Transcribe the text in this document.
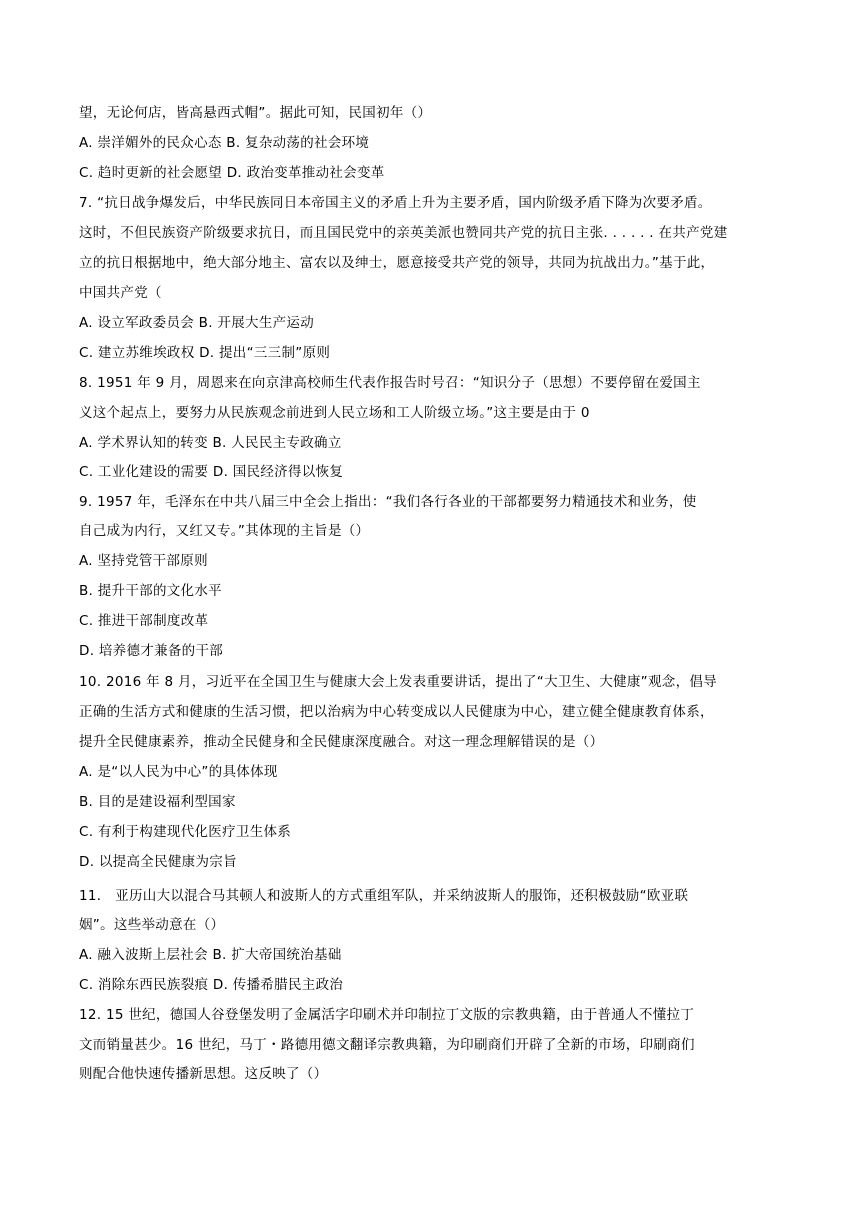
望，无论何店，皆高悬西式帽”。据此可知，民国初年（）
A. 崇洋媚外的民众心态 B. 复杂动荡的社会环境
C. 趋时更新的社会愿望 D. 政治变革推动社会变革
7. “抗日战争爆发后，中华民族同日本帝国主义的矛盾上升为主要矛盾，国内阶级矛盾下降为次要矛盾。
这时，不但民族资产阶级要求抗日，而且国民党中的亲英美派也赞同共产党的抗日主张. . . . . . 在共产党建
立的抗日根据地中，绝大部分地主、富农以及绅士，愿意接受共产党的领导，共同为抗战出力。”基于此，
中国共产党（
A. 设立军政委员会 B. 开展大生产运动
C. 建立苏维埃政权 D. 提出“三三制”原则
8. 1951 年 9 月，周恩来在向京津高校师生代表作报告时号召：“知识分子（思想）不要停留在爱国主
义这个起点上，要努力从民族观念前进到人民立场和工人阶级立场。”这主要是由于 0
A. 学术界认知的转变 B. 人民民主专政确立
C. 工业化建设的需要 D. 国民经济得以恢复
9. 1957 年，毛泽东在中共八届三中全会上指出：“我们各行各业的干部都要努力精通技术和业务，使
自己成为内行，又红又专。”其体现的主旨是（）
A. 坚持党管干部原则
B. 提升干部的文化水平
C. 推进干部制度改革
D. 培养德才兼备的干部
10. 2016 年 8 月，习近平在全国卫生与健康大会上发表重要讲话，提出了“大卫生、大健康”观念，倡导
正确的生活方式和健康的生活习惯，把以治病为中心转变成以人民健康为中心，建立健全健康教育体系，
提升全民健康素养，推动全民健身和全民健康深度融合。对这一理念理解错误的是（）
A. 是“以人民为中心”的具体体现
B. 目的是建设福利型国家
C. 有利于构建现代化医疗卫生体系
D. 以提高全民健康为宗旨
11． 亚历山大以混合马其顿人和波斯人的方式重组军队，并采纳波斯人的服饰，还积极鼓励“欧亚联
姻”。这些举动意在（）
A. 融入波斯上层社会 B. 扩大帝国统治基础
C. 消除东西民族裂痕 D. 传播希腊民主政治
12. 15 世纪，德国人谷登堡发明了金属活字印刷术并印制拉丁文版的宗教典籍，由于普通人不懂拉丁
文而销量甚少。16 世纪，马丁・路德用德文翻译宗教典籍，为印刷商们开辟了全新的市场，印刷商们
则配合他快速传播新思想。这反映了（）
